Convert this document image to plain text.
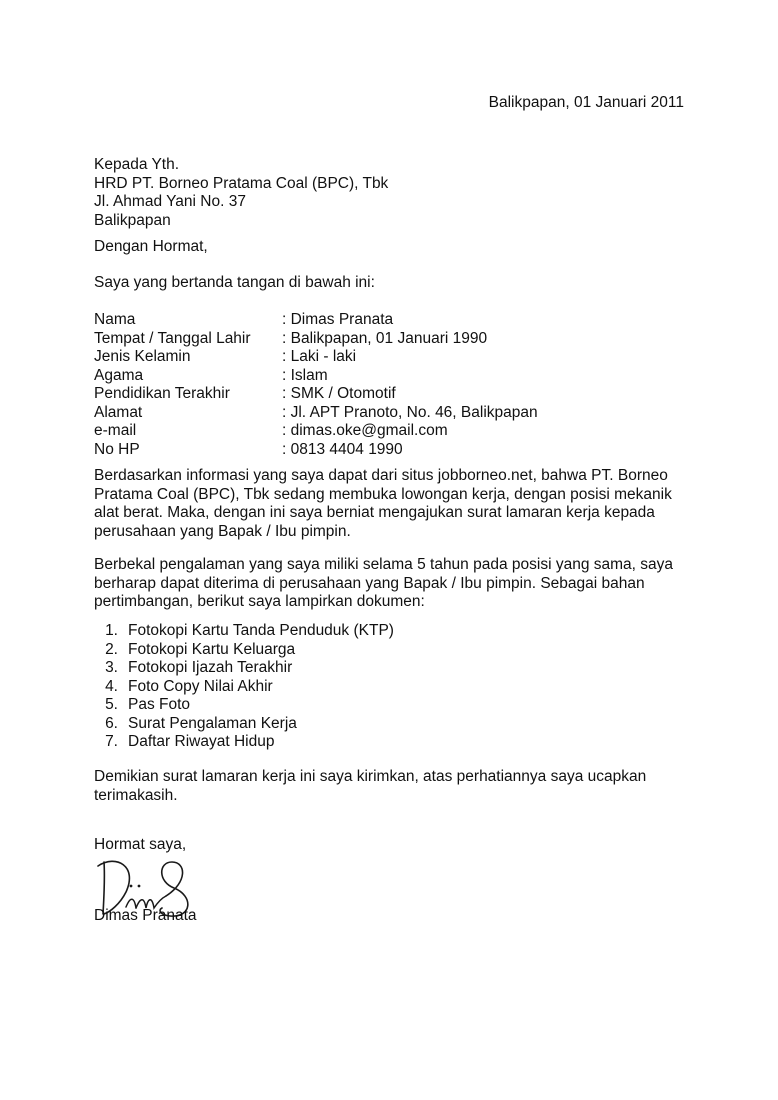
Balikpapan, 01 Januari 2011
Kepada Yth.
HRD PT. Borneo Pratama Coal (BPC), Tbk
Jl. Ahmad Yani No. 37
Balikpapan
Dengan Hormat,
Saya yang bertanda tangan di bawah ini:
Nama	: Dimas Pranata
Tempat / Tanggal Lahir	: Balikpapan, 01 Januari 1990
Jenis Kelamin	: Laki - laki
Agama	: Islam
Pendidikan Terakhir	: SMK / Otomotif
Alamat	: Jl. APT Pranoto, No. 46, Balikpapan
e-mail	: dimas.oke@gmail.com
No HP	: 0813 4404 1990
Berdasarkan informasi yang saya dapat dari situs jobborneo.net, bahwa PT. Borneo
Pratama Coal (BPC), Tbk sedang membuka lowongan kerja, dengan posisi mekanik
alat berat. Maka, dengan ini saya berniat mengajukan surat lamaran kerja kepada
perusahaan yang Bapak / Ibu pimpin.
Berbekal pengalaman yang saya miliki selama 5 tahun pada posisi yang sama, saya
berharap dapat diterima di perusahaan yang Bapak / Ibu pimpin. Sebagai bahan
pertimbangan, berikut saya lampirkan dokumen:
1. Fotokopi Kartu Tanda Penduduk (KTP)
2. Fotokopi Kartu Keluarga
3. Fotokopi Ijazah Terakhir
4. Foto Copy Nilai Akhir
5. Pas Foto
6. Surat Pengalaman Kerja
7. Daftar Riwayat Hidup
Demikian surat lamaran kerja ini saya kirimkan, atas perhatiannya saya ucapkan
terimakasih.
Hormat saya,
Dimas Pranata
